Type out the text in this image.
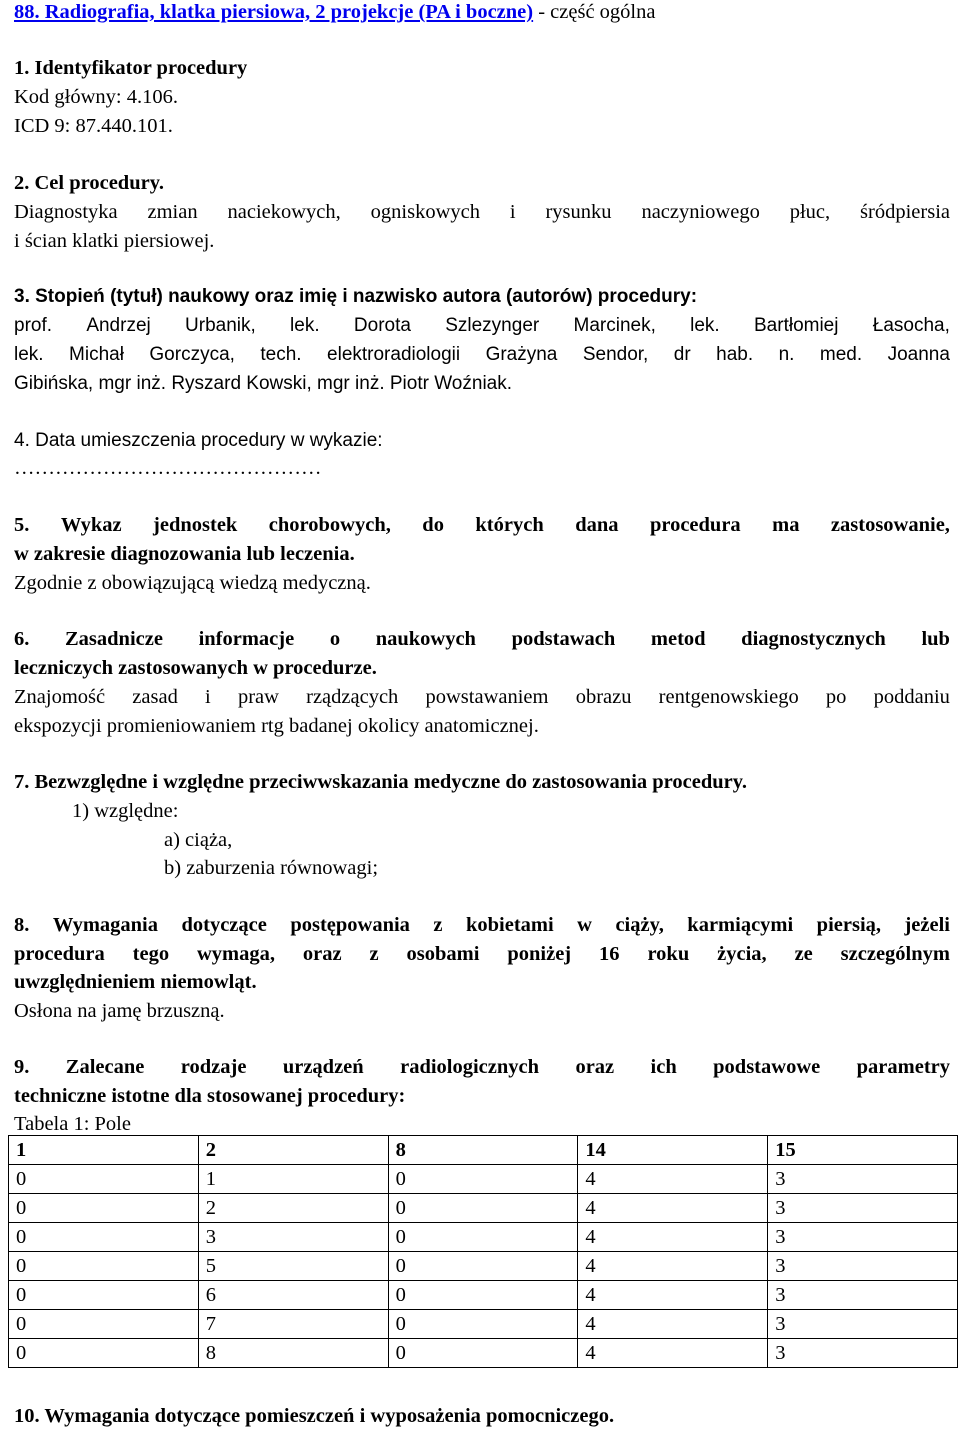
88. Radiografia, klatka piersiowa, 2 projekcje (PA i boczne) - część ogólna
1. Identyfikator procedury
Kod główny: 4.106.
ICD 9: 87.440.101.
2. Cel procedury.
Diagnostyka zmian naciekowych, ogniskowych i rysunku naczyniowego płuc, śródpiersia
i ścian klatki piersiowej.
3. Stopień (tytuł) naukowy oraz imię i nazwisko autora (autorów) procedury:
prof. Andrzej Urbanik, lek. Dorota Szlezynger Marcinek, lek. Bartłomiej Łasocha,
lek. Michał Gorczyca, tech. elektroradiologii Grażyna Sendor, dr hab. n. med. Joanna
Gibińska, mgr inż. Ryszard Kowski, mgr inż. Piotr Woźniak.
4. Data umieszczenia procedury w wykazie:
………………………………………
5. Wykaz jednostek chorobowych, do których dana procedura ma zastosowanie,
w zakresie diagnozowania lub leczenia.
Zgodnie z obowiązującą wiedzą medyczną.
6. Zasadnicze informacje o naukowych podstawach metod diagnostycznych lub
leczniczych zastosowanych w procedurze.
Znajomość zasad i praw rządzących powstawaniem obrazu rentgenowskiego po poddaniu
ekspozycji promieniowaniem rtg badanej okolicy anatomicznej.
7. Bezwzględne i względne przeciwwskazania medyczne do zastosowania procedury.
1) względne:
a) ciąża,
b) zaburzenia równowagi;
8. Wymagania dotyczące postępowania z kobietami w ciąży, karmiącymi piersią, jeżeli
procedura tego wymaga, oraz z osobami poniżej 16 roku życia, ze szczególnym
uwzględnieniem niemowląt.
Osłona na jamę brzuszną.
9. Zalecane rodzaje urządzeń radiologicznych oraz ich podstawowe parametry
techniczne istotne dla stosowanej procedury:
Tabela 1: Pole
1	2	8	14	15
0	1	0	4	3
0	2	0	4	3
0	3	0	4	3
0	5	0	4	3
0	6	0	4	3
0	7	0	4	3
0	8	0	4	3
10. Wymagania dotyczące pomieszczeń i wyposażenia pomocniczego.
